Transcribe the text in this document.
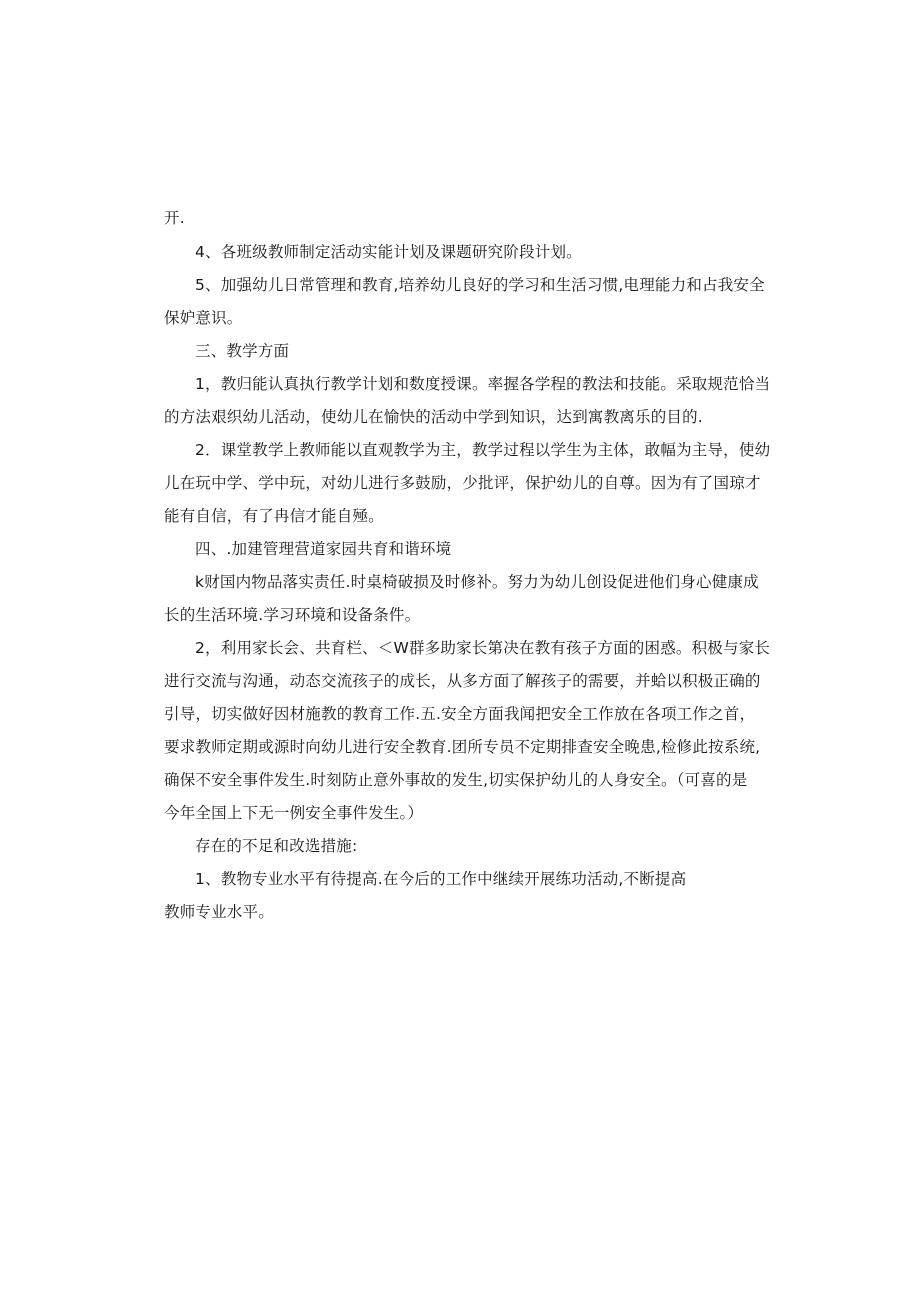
开.
4、各班级教师制定活动实能计划及课题研究阶段计划。
5、加强幼儿日常管理和教育,培养幼儿良好的学习和生活习惯,电理能力和占我安全
保妒意识。
三、教学方面
1，教归能认真执行教学计划和数度授课。率握各学程的教法和技能。采取规范恰当
的方法艰织幼儿活动，使幼儿在愉快的活动中学到知识，达到寓教离乐的目的.
2．课堂教学上教师能以直观教学为主，教学过程以学生为主体，敢幅为主导，使幼
儿在玩中学、学中玩，对幼儿进行多鼓励，少批评，保护幼儿的自尊。因为有了国琼才
能有自信，有了冉信才能自殛。
四、.加建管理营道家园共育和谐环境
k财国内物品落实责任.时桌椅破损及时修补。努力为幼儿创设促进他们身心健康成
长的生活环境.学习环境和设备条件。
2，利用家长会、共育栏、＜W群多助家长第决在教有孩子方面的困惑。积极与家长
进行交流与沟通，动态交流孩子的成长，从多方面了解孩子的需要，并蛤以积极正确的
引导，切实做好因材施教的教育工作.五.安全方面我闻把安全工作放在各项工作之首，
要求教师定期或源时向幼儿进行安全教育.团所专员不定期排查安全晚患,检修此按系统,
确保不安全事件发生.时刻防止意外事故的发生,切实保护幼儿的人身安全。（可喜的是
今年全国上下无一例安全事件发生。）
存在的不足和改选措施:
1、教物专业水平有待提高.在今后的工作中继续开展练功活动,不断提高
教师专业水平。
